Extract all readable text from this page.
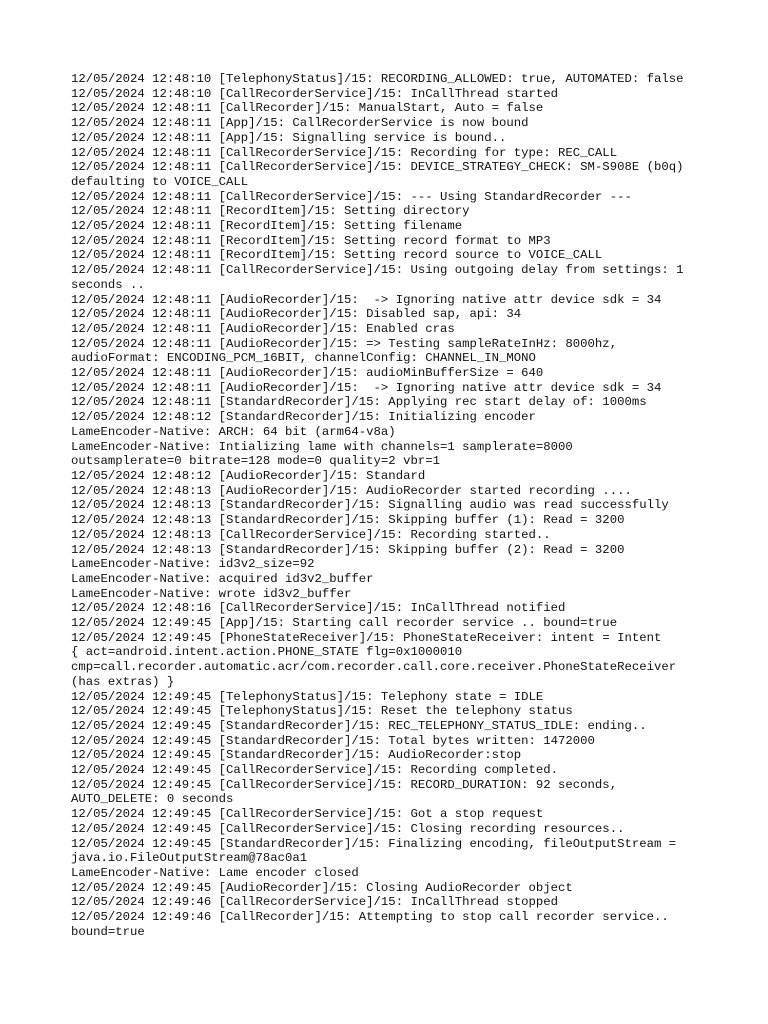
12/05/2024 12:48:10 [TelephonyStatus]/15: RECORDING_ALLOWED: true, AUTOMATED: false
12/05/2024 12:48:10 [CallRecorderService]/15: InCallThread started
12/05/2024 12:48:11 [CallRecorder]/15: ManualStart, Auto = false
12/05/2024 12:48:11 [App]/15: CallRecorderService is now bound
12/05/2024 12:48:11 [App]/15: Signalling service is bound..
12/05/2024 12:48:11 [CallRecorderService]/15: Recording for type: REC_CALL
12/05/2024 12:48:11 [CallRecorderService]/15: DEVICE_STRATEGY_CHECK: SM-S908E (b0q)
defaulting to VOICE_CALL
12/05/2024 12:48:11 [CallRecorderService]/15: --- Using StandardRecorder ---
12/05/2024 12:48:11 [RecordItem]/15: Setting directory
12/05/2024 12:48:11 [RecordItem]/15: Setting filename
12/05/2024 12:48:11 [RecordItem]/15: Setting record format to MP3
12/05/2024 12:48:11 [RecordItem]/15: Setting record source to VOICE_CALL
12/05/2024 12:48:11 [CallRecorderService]/15: Using outgoing delay from settings: 1
seconds ..
12/05/2024 12:48:11 [AudioRecorder]/15:  -> Ignoring native attr device sdk = 34
12/05/2024 12:48:11 [AudioRecorder]/15: Disabled sap, api: 34
12/05/2024 12:48:11 [AudioRecorder]/15: Enabled cras
12/05/2024 12:48:11 [AudioRecorder]/15: => Testing sampleRateInHz: 8000hz,
audioFormat: ENCODING_PCM_16BIT, channelConfig: CHANNEL_IN_MONO
12/05/2024 12:48:11 [AudioRecorder]/15: audioMinBufferSize = 640
12/05/2024 12:48:11 [AudioRecorder]/15:  -> Ignoring native attr device sdk = 34
12/05/2024 12:48:11 [StandardRecorder]/15: Applying rec start delay of: 1000ms
12/05/2024 12:48:12 [StandardRecorder]/15: Initializing encoder
LameEncoder-Native: ARCH: 64 bit (arm64-v8a)
LameEncoder-Native: Intializing lame with channels=1 samplerate=8000
outsamplerate=0 bitrate=128 mode=0 quality=2 vbr=1
12/05/2024 12:48:12 [AudioRecorder]/15: Standard
12/05/2024 12:48:13 [AudioRecorder]/15: AudioRecorder started recording ....
12/05/2024 12:48:13 [StandardRecorder]/15: Signalling audio was read successfully
12/05/2024 12:48:13 [StandardRecorder]/15: Skipping buffer (1): Read = 3200
12/05/2024 12:48:13 [CallRecorderService]/15: Recording started..
12/05/2024 12:48:13 [StandardRecorder]/15: Skipping buffer (2): Read = 3200
LameEncoder-Native: id3v2_size=92
LameEncoder-Native: acquired id3v2_buffer
LameEncoder-Native: wrote id3v2_buffer
12/05/2024 12:48:16 [CallRecorderService]/15: InCallThread notified
12/05/2024 12:49:45 [App]/15: Starting call recorder service .. bound=true
12/05/2024 12:49:45 [PhoneStateReceiver]/15: PhoneStateReceiver: intent = Intent
{ act=android.intent.action.PHONE_STATE flg=0x1000010
cmp=call.recorder.automatic.acr/com.recorder.call.core.receiver.PhoneStateReceiver
(has extras) }
12/05/2024 12:49:45 [TelephonyStatus]/15: Telephony state = IDLE
12/05/2024 12:49:45 [TelephonyStatus]/15: Reset the telephony status
12/05/2024 12:49:45 [StandardRecorder]/15: REC_TELEPHONY_STATUS_IDLE: ending..
12/05/2024 12:49:45 [StandardRecorder]/15: Total bytes written: 1472000
12/05/2024 12:49:45 [StandardRecorder]/15: AudioRecorder:stop
12/05/2024 12:49:45 [CallRecorderService]/15: Recording completed.
12/05/2024 12:49:45 [CallRecorderService]/15: RECORD_DURATION: 92 seconds,
AUTO_DELETE: 0 seconds
12/05/2024 12:49:45 [CallRecorderService]/15: Got a stop request
12/05/2024 12:49:45 [CallRecorderService]/15: Closing recording resources..
12/05/2024 12:49:45 [StandardRecorder]/15: Finalizing encoding, fileOutputStream =
java.io.FileOutputStream@78ac0a1
LameEncoder-Native: Lame encoder closed
12/05/2024 12:49:45 [AudioRecorder]/15: Closing AudioRecorder object
12/05/2024 12:49:46 [CallRecorderService]/15: InCallThread stopped
12/05/2024 12:49:46 [CallRecorder]/15: Attempting to stop call recorder service..
bound=true
